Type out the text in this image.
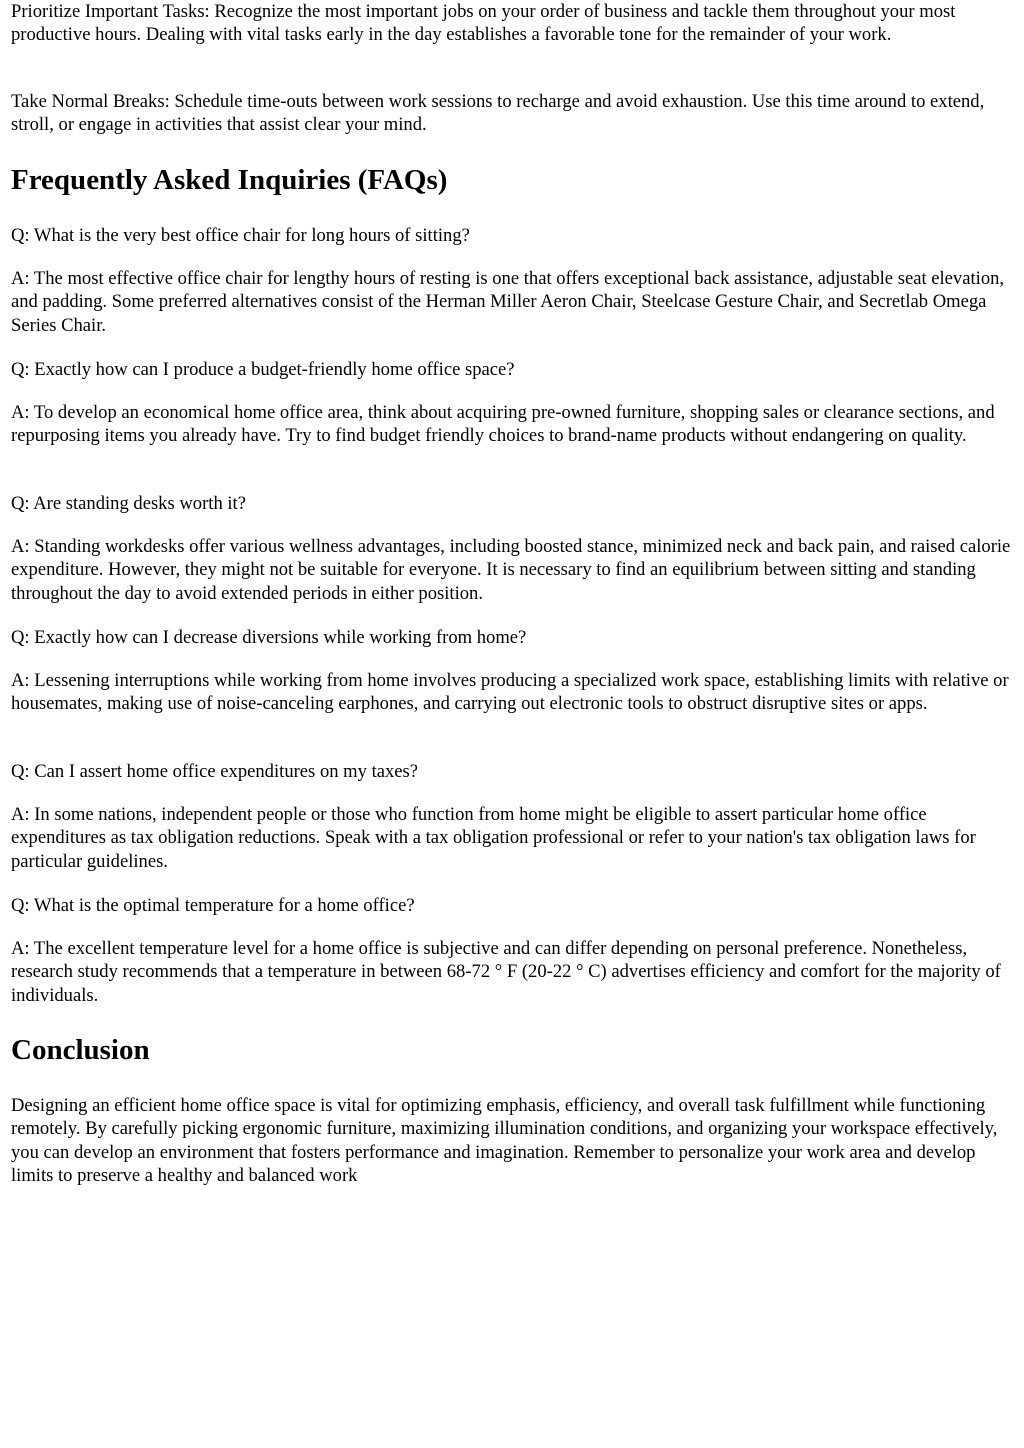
Prioritize Important Tasks: Recognize the most important jobs on your order of business and tackle them throughout your most productive hours. Dealing with vital tasks early in the day establishes a favorable tone for the remainder of your work.

Take Normal Breaks: Schedule time-outs between work sessions to recharge and avoid exhaustion. Use this time around to extend, stroll, or engage in activities that assist clear your mind.

Frequently Asked Inquiries (FAQs)

Q: What is the very best office chair for long hours of sitting?

A: The most effective office chair for lengthy hours of resting is one that offers exceptional back assistance, adjustable seat elevation, and padding. Some preferred alternatives consist of the Herman Miller Aeron Chair, Steelcase Gesture Chair, and Secretlab Omega Series Chair.

Q: Exactly how can I produce a budget-friendly home office space?

A: To develop an economical home office area, think about acquiring pre-owned furniture, shopping sales or clearance sections, and repurposing items you already have. Try to find budget friendly choices to brand-name products without endangering on quality.

Q: Are standing desks worth it?

A: Standing workdesks offer various wellness advantages, including boosted stance, minimized neck and back pain, and raised calorie expenditure. However, they might not be suitable for everyone. It is necessary to find an equilibrium between sitting and standing throughout the day to avoid extended periods in either position.

Q: Exactly how can I decrease diversions while working from home?

A: Lessening interruptions while working from home involves producing a specialized work space, establishing limits with relative or housemates, making use of noise-canceling earphones, and carrying out electronic tools to obstruct disruptive sites or apps.

Q: Can I assert home office expenditures on my taxes?

A: In some nations, independent people or those who function from home might be eligible to assert particular home office expenditures as tax obligation reductions. Speak with a tax obligation professional or refer to your nation's tax obligation laws for particular guidelines.

Q: What is the optimal temperature for a home office?

A: The excellent temperature level for a home office is subjective and can differ depending on personal preference. Nonetheless, research study recommends that a temperature in between 68-72 ° F (20-22 ° C) advertises efficiency and comfort for the majority of individuals.

Conclusion

Designing an efficient home office space is vital for optimizing emphasis, efficiency, and overall task fulfillment while functioning remotely. By carefully picking ergonomic furniture, maximizing illumination conditions, and organizing your workspace effectively, you can develop an environment that fosters performance and imagination. Remember to personalize your work area and develop limits to preserve a healthy and balanced work
